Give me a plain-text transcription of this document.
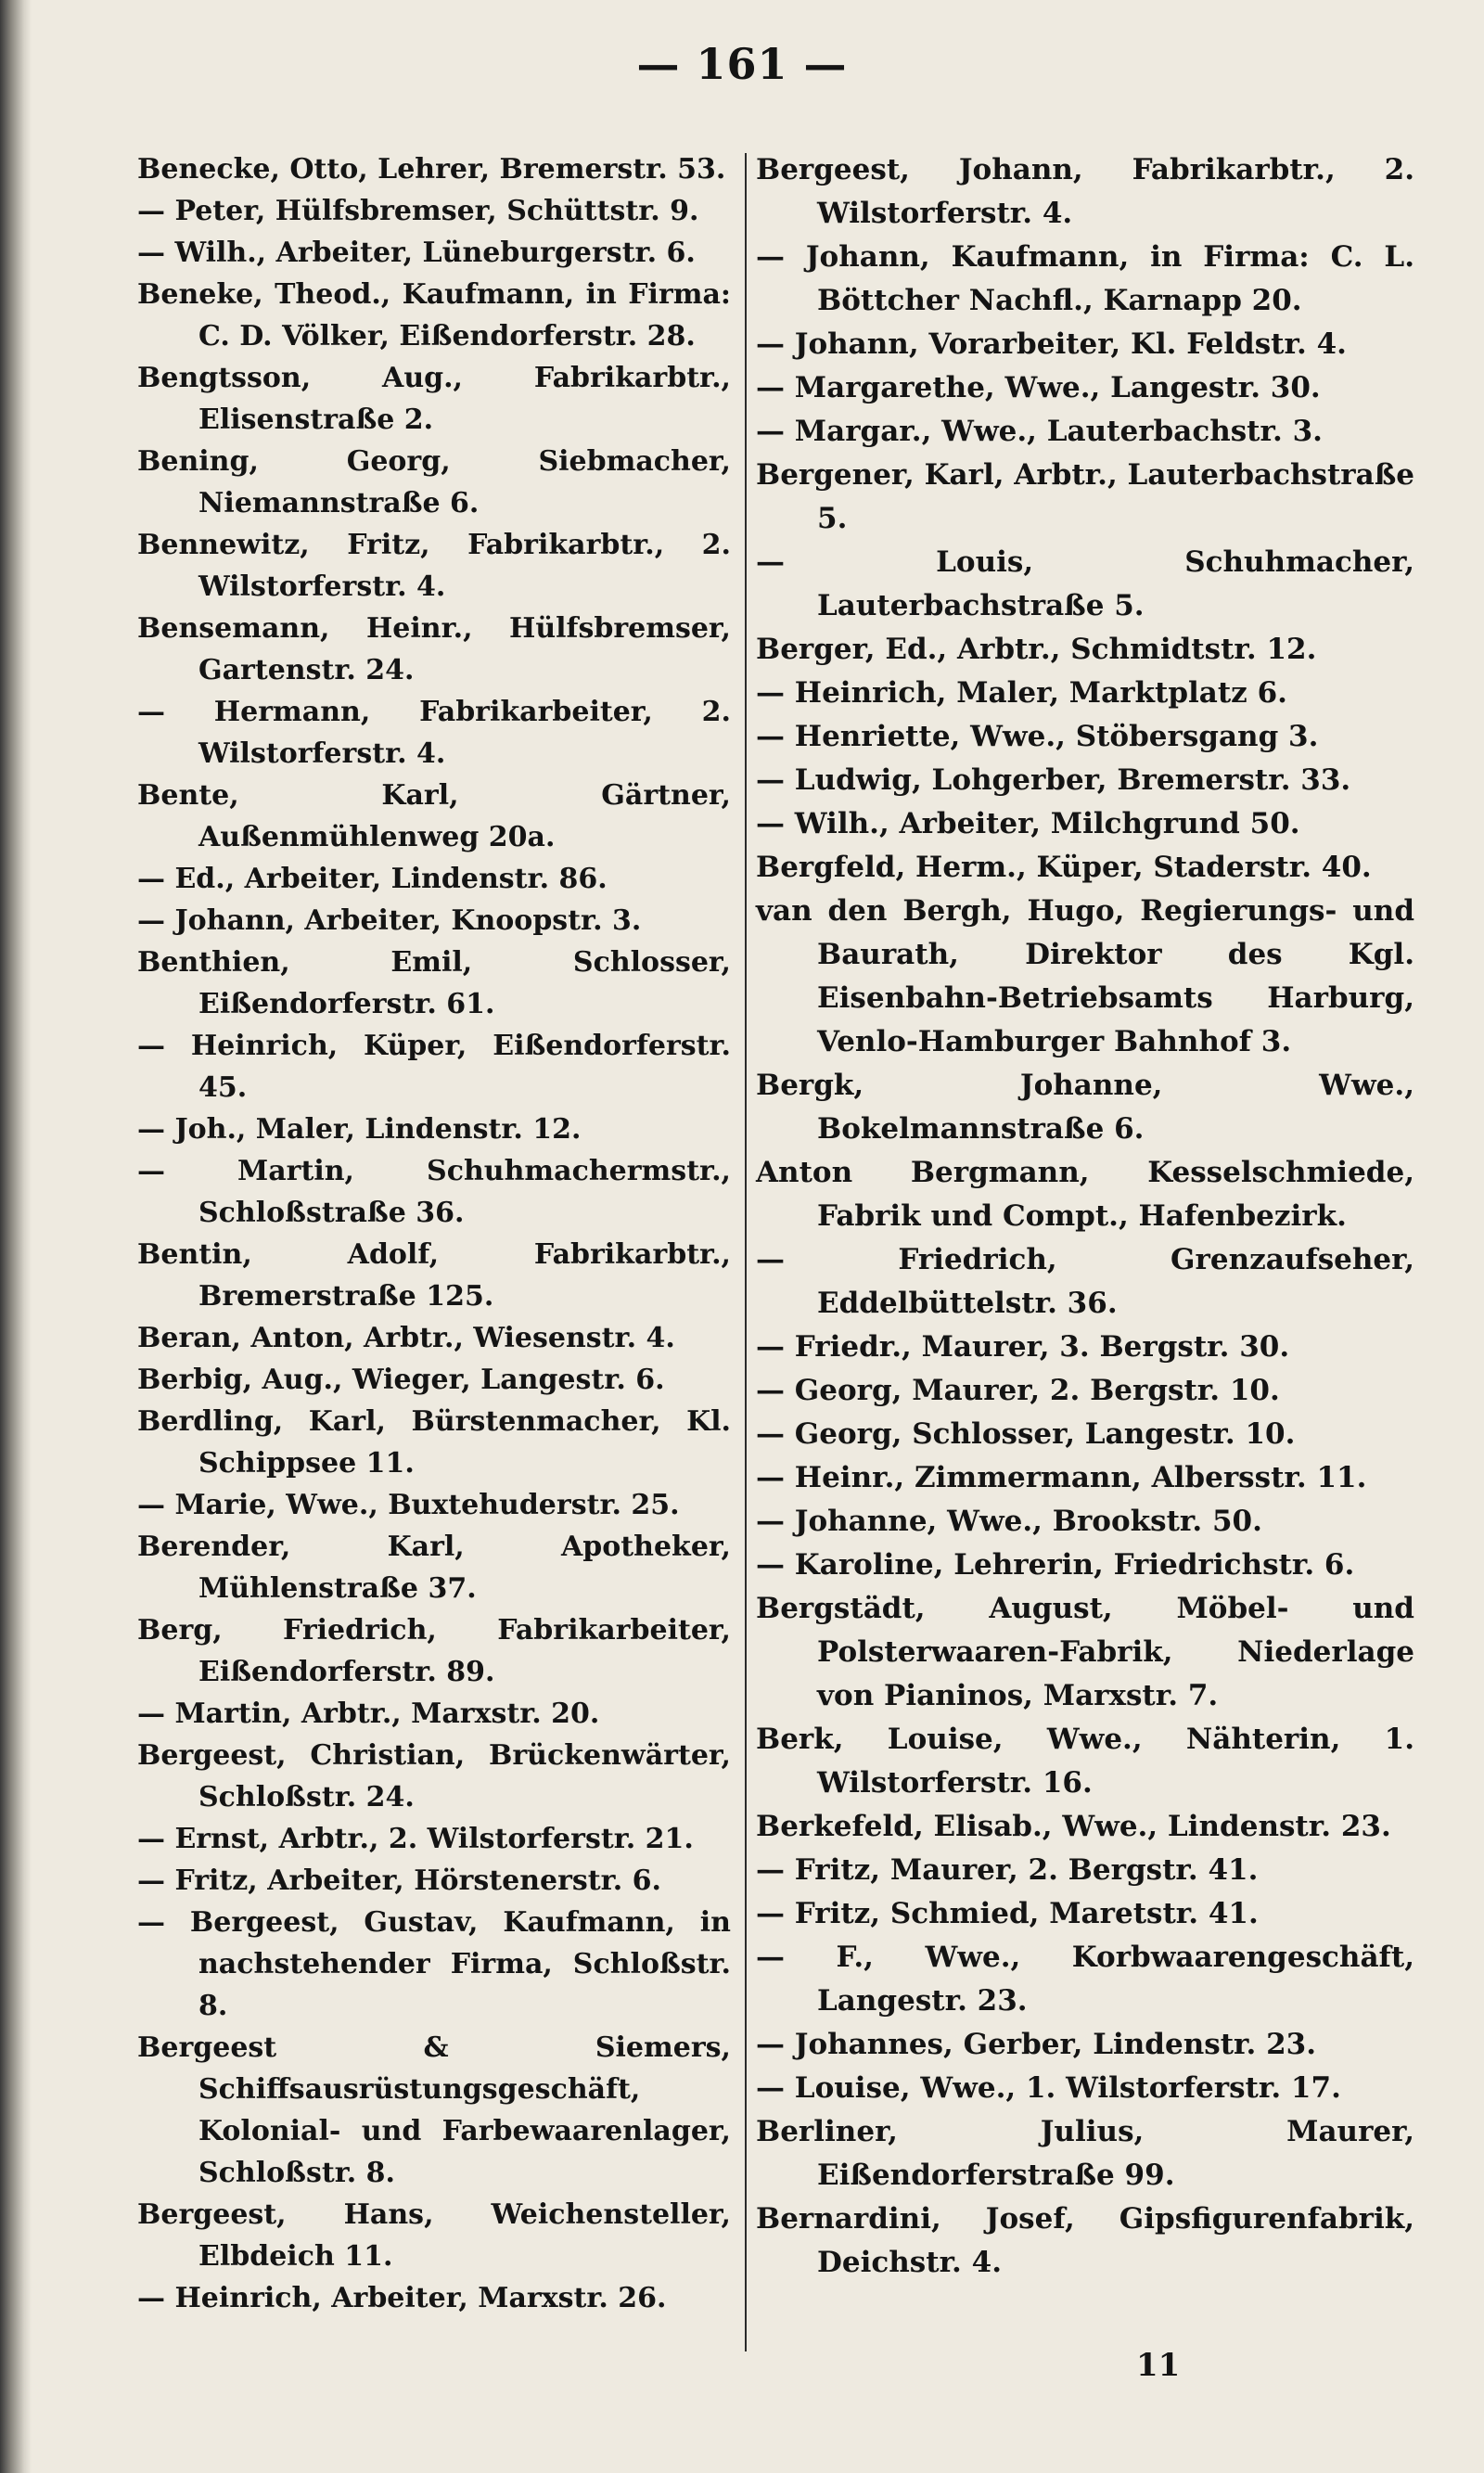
— 161 —
Benecke, Otto, Lehrer, Bremerstr. 53.
— Peter, Hülfsbremser, Schüttstr. 9.
— Wilh., Arbeiter, Lüneburgerstr. 6.
Beneke, Theod., Kaufmann, in Firma: C. D. Völker, Eißendorferstr. 28.
Bengtsson, Aug., Fabrikarbtr., Elisenstraße 2.
Bening, Georg, Siebmacher, Niemannstraße 6.
Bennewitz, Fritz, Fabrikarbtr., 2. Wilstorferstr. 4.
Bensemann, Heinr., Hülfsbremser, Gartenstr. 24.
— Hermann, Fabrikarbeiter, 2. Wilstorferstr. 4.
Bente, Karl, Gärtner, Außenmühlenweg 20a.
— Ed., Arbeiter, Lindenstr. 86.
— Johann, Arbeiter, Knoopstr. 3.
Benthien, Emil, Schlosser, Eißendorferstr. 61.
— Heinrich, Küper, Eißendorferstr. 45.
— Joh., Maler, Lindenstr. 12.
— Martin, Schuhmachermstr., Schloßstraße 36.
Bentin, Adolf, Fabrikarbtr., Bremerstraße 125.
Beran, Anton, Arbtr., Wiesenstr. 4.
Berbig, Aug., Wieger, Langestr. 6.
Berdling, Karl, Bürstenmacher, Kl. Schippsee 11.
— Marie, Wwe., Buxtehuderstr. 25.
Berender, Karl, Apotheker, Mühlenstraße 37.
Berg, Friedrich, Fabrikarbeiter, Eißendorferstr. 89.
— Martin, Arbtr., Marxstr. 20.
Bergeest, Christian, Brückenwärter, Schloßstr. 24.
— Ernst, Arbtr., 2. Wilstorferstr. 21.
— Fritz, Arbeiter, Hörstenerstr. 6.
— Bergeest, Gustav, Kaufmann, in nachstehender Firma, Schloßstr. 8.
Bergeest & Siemers, Schiffsausrüstungsgeschäft, Kolonial- und Farbewaarenlager, Schloßstr. 8.
Bergeest, Hans, Weichensteller, Elbdeich 11.
— Heinrich, Arbeiter, Marxstr. 26.
Bergeest, Johann, Fabrikarbtr., 2. Wilstorferstr. 4.
— Johann, Kaufmann, in Firma: C. L. Böttcher Nachfl., Karnapp 20.
— Johann, Vorarbeiter, Kl. Feldstr. 4.
— Margarethe, Wwe., Langestr. 30.
— Margar., Wwe., Lauterbachstr. 3.
Bergener, Karl, Arbtr., Lauterbachstraße 5.
— Louis, Schuhmacher, Lauterbachstraße 5.
Berger, Ed., Arbtr., Schmidtstr. 12.
— Heinrich, Maler, Marktplatz 6.
— Henriette, Wwe., Stöbersgang 3.
— Ludwig, Lohgerber, Bremerstr. 33.
— Wilh., Arbeiter, Milchgrund 50.
Bergfeld, Herm., Küper, Staderstr. 40.
van den Bergh, Hugo, Regierungs- und Baurath, Direktor des Kgl. Eisenbahn-Betriebsamts Harburg, Venlo-Hamburger Bahnhof 3.
Bergk, Johanne, Wwe., Bokelmannstraße 6.
Anton Bergmann, Kesselschmiede, Fabrik und Compt., Hafenbezirk.
— Friedrich, Grenzaufseher, Eddelbüttelstr. 36.
— Friedr., Maurer, 3. Bergstr. 30.
— Georg, Maurer, 2. Bergstr. 10.
— Georg, Schlosser, Langestr. 10.
— Heinr., Zimmermann, Albersstr. 11.
— Johanne, Wwe., Brookstr. 50.
— Karoline, Lehrerin, Friedrichstr. 6.
Bergstädt, August, Möbel- und Polsterwaaren-Fabrik, Niederlage von Pianinos, Marxstr. 7.
Berk, Louise, Wwe., Nähterin, 1. Wilstorferstr. 16.
Berkefeld, Elisab., Wwe., Lindenstr. 23.
— Fritz, Maurer, 2. Bergstr. 41.
— Fritz, Schmied, Maretstr. 41.
— F., Wwe., Korbwaarengeschäft, Langestr. 23.
— Johannes, Gerber, Lindenstr. 23.
— Louise, Wwe., 1. Wilstorferstr. 17.
Berliner, Julius, Maurer, Eißendorferstraße 99.
Bernardini, Josef, Gipsfigurenfabrik, Deichstr. 4.
11
